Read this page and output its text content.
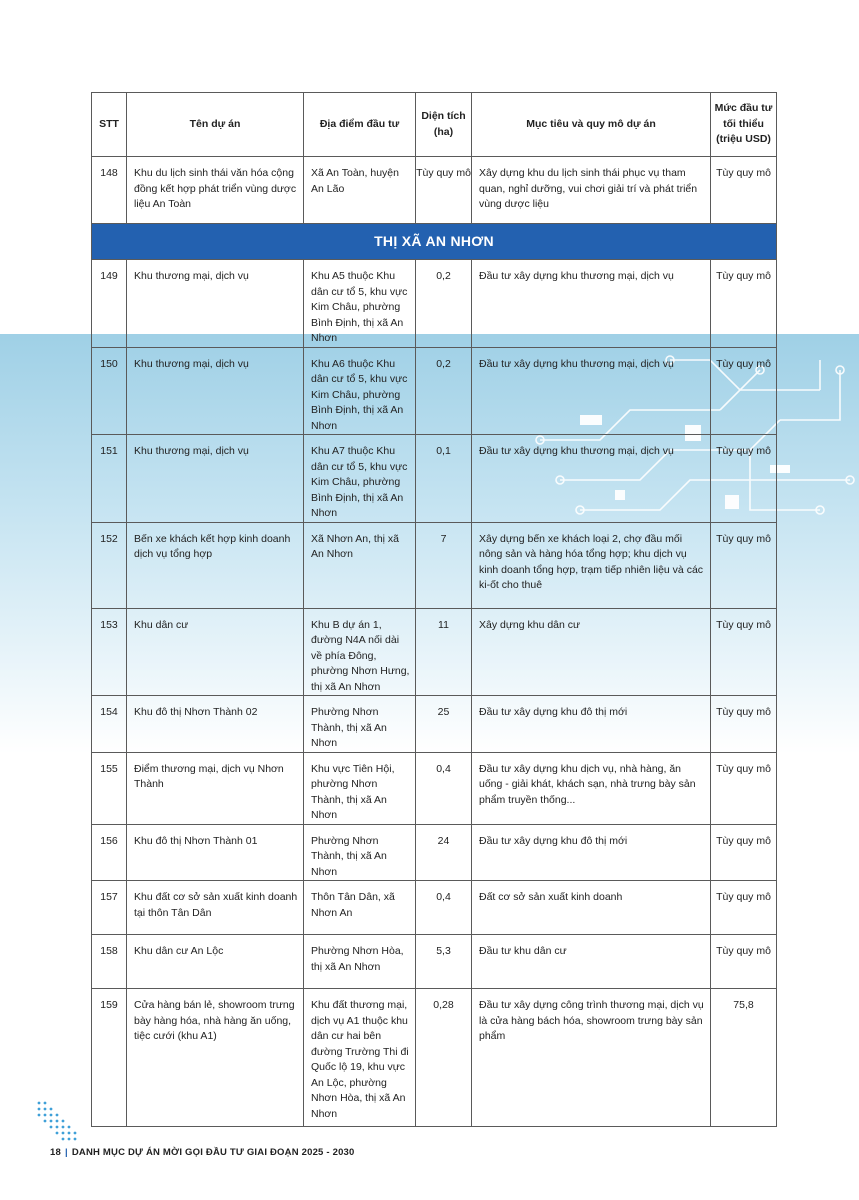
STT	Tên dự án	Địa điểm đầu tư	Diện tích (ha)	Mục tiêu và quy mô dự án	Mức đầu tư tối thiểu (triệu USD)

148	Khu du lịch sinh thái văn hóa cộng đồng kết hợp phát triển vùng dược liệu An Toàn	Xã An Toàn, huyện An Lão	Tùy quy mô	Xây dựng khu du lịch sinh thái phục vụ tham quan, nghỉ dưỡng, vui chơi giải trí và phát triển vùng dược liệu	Tùy quy mô

THỊ XÃ AN NHƠN					

149	Khu thương mại, dịch vụ	Khu A5 thuộc Khu dân cư tổ 5, khu vực Kim Châu, phường Bình Định, thị xã An Nhơn	0,2	Đầu tư xây dựng khu thương mại, dịch vụ	Tùy quy mô

150	Khu thương mại, dịch vụ	Khu A6 thuộc Khu dân cư tổ 5, khu vực Kim Châu, phường Bình Định, thị xã An Nhơn	0,2	Đầu tư xây dựng khu thương mại, dịch vụ	Tùy quy mô

151	Khu thương mại, dịch vụ	Khu A7 thuộc Khu dân cư tổ 5, khu vực Kim Châu, phường Bình Định, thị xã An Nhơn	0,1	Đầu tư xây dựng khu thương mại, dịch vụ	Tùy quy mô

152	Bến xe khách kết hợp kinh doanh dịch vụ tổng hợp	Xã Nhơn An, thị xã An Nhơn	7	Xây dựng bến xe khách loại 2, chợ đầu mối nông sản và hàng hóa tổng hợp; khu dịch vụ kinh doanh tổng hợp, trạm tiếp nhiên liệu và các ki-ốt cho thuê	Tùy quy mô

153	Khu dân cư	Khu B dự án 1, đường N4A nối dài về phía Đông, phường Nhơn Hưng, thị xã An Nhơn	11	Xây dựng khu dân cư	Tùy quy mô

154	Khu đô thị Nhơn Thành 02	Phường Nhơn Thành, thị xã An Nhơn	25	Đầu tư xây dựng khu đô thị mới	Tùy quy mô

155	Điểm thương mại, dịch vụ Nhơn Thành	Khu vực Tiên Hội, phường Nhơn Thành, thị xã An Nhơn	0,4	Đầu tư xây dựng khu dịch vụ, nhà hàng, ăn uống - giải khát, khách sạn, nhà trưng bày sản phẩm truyền thống...	Tùy quy mô

156	Khu đô thị Nhơn Thành 01	Phường Nhơn Thành, thị xã An Nhơn	24	Đầu tư xây dựng khu đô thị mới	Tùy quy mô

157	Khu đất cơ sở sản xuất kinh doanh tại thôn Tân Dân	Thôn Tân Dân, xã Nhơn An	0,4	Đất cơ sở sản xuất kinh doanh	Tùy quy mô

158	Khu dân cư An Lộc	Phường Nhơn Hòa, thị xã An Nhơn	5,3	Đầu tư khu dân cư	Tùy quy mô

159	Cửa hàng bán lẻ, showroom trưng bày hàng hóa, nhà hàng ăn uống, tiệc cưới (khu A1)	Khu đất thương mại, dịch vụ A1 thuộc khu dân cư hai bên đường Trường Thi đi Quốc lộ 19, khu vực An Lộc, phường Nhơn Hòa, thị xã An Nhơn	0,28	Đầu tư xây dựng công trình thương mại, dịch vụ là cửa hàng bách hóa, showroom trưng bày sản phẩm	75,8
18 | DANH MỤC DỰ ÁN MỜI GỌI ĐẦU TƯ GIAI ĐOẠN 2025 - 2030
